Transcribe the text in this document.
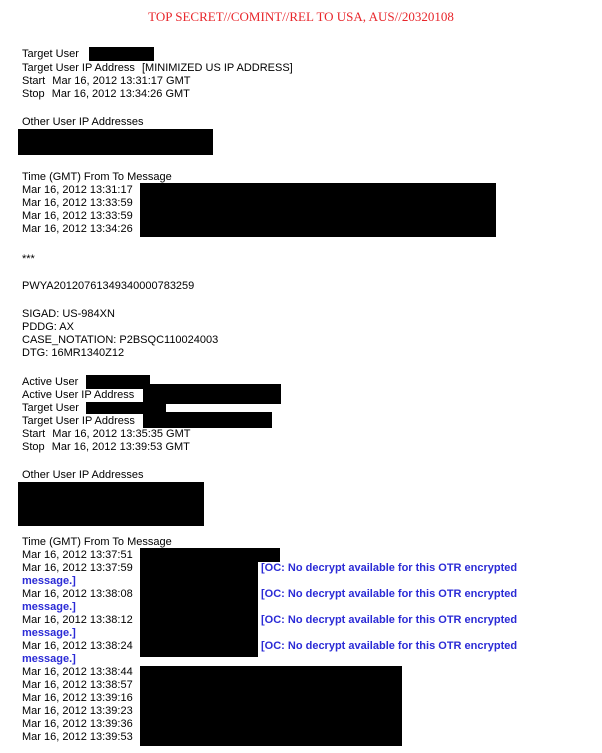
TOP SECRET//COMINT//REL TO USA, AUS//20320108
Target User
Target User IP Address [MINIMIZED US IP ADDRESS]
Start Mar 16, 2012 13:31:17 GMT
Stop Mar 16, 2012 13:34:26 GMT
Other User IP Addresses
Time (GMT) From To Message
Mar 16, 2012 13:31:17
Mar 16, 2012 13:33:59
Mar 16, 2012 13:33:59
Mar 16, 2012 13:34:26
***
PWYA20120761349340000783259
SIGAD: US-984XN
PDDG: AX
CASE_NOTATION: P2BSQC110024003
DTG: 16MR1340Z12
Active User
Active User IP Address
Target User
Target User IP Address
Start Mar 16, 2012 13:35:35 GMT
Stop Mar 16, 2012 13:39:53 GMT
Other User IP Addresses
Time (GMT) From To Message
Mar 16, 2012 13:37:51
Mar 16, 2012 13:37:59	[OC: No decrypt available for this OTR encrypted
message.]
Mar 16, 2012 13:38:08	[OC: No decrypt available for this OTR encrypted
message.]
Mar 16, 2012 13:38:12	[OC: No decrypt available for this OTR encrypted
message.]
Mar 16, 2012 13:38:24	[OC: No decrypt available for this OTR encrypted
message.]
Mar 16, 2012 13:38:44
Mar 16, 2012 13:38:57
Mar 16, 2012 13:39:16
Mar 16, 2012 13:39:23
Mar 16, 2012 13:39:36
Mar 16, 2012 13:39:53
